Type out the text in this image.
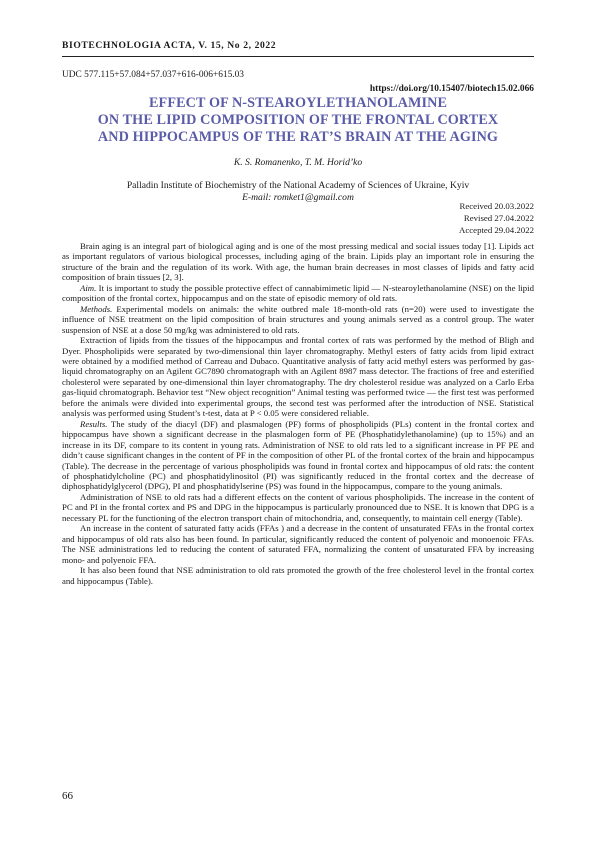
BIOTECHNOLOGIA ACTA, V. 15, No 2, 2022
UDC 577.115+57.084+57.037+616-006+615.03
https://doi.org/10.15407/biotech15.02.066
EFFECT OF N-STEAROYLETHANOLAMINE
ON THE LIPID COMPOSITION OF THE FRONTAL CORTEX
AND HIPPOCAMPUS OF THE RAT’S BRAIN AT THE AGING
K. S. Romanenko, T. M. Horid’ko
Palladin Institute of Biochemistry of the National Academy of Sciences of Ukraine, Kyiv
E-mail: romket1@gmail.com
Received 20.03.2022
Revised 27.04.2022
Accepted 29.04.2022

Brain aging is an integral part of biological aging and is one of the most pressing medical and social issues today [1]. Lipids act as important regulators of various biological processes, including aging of the brain. Lipids play an important role in ensuring the structure of the brain and the regulation of its work. With age, the human brain decreases in most classes of lipids and fatty acid composition of brain tissues [2, 3].

Aim. It is important to study the possible protective effect of cannabimimetic lipid — N-stearoylethanolamine (NSE) on the lipid composition of the frontal cortex, hippocampus and on the state of episodic memory of old rats.

Methods. Experimental models on animals: the white outbred male 18-month-old rats (n=20) were used to investigate the influence of NSE treatment on the lipid composition of brain structures and young animals served as a control group. The water suspension of NSE at a dose 50 mg/kg was administered to old rats.

Extraction of lipids from the tissues of the hippocampus and frontal cortex of rats was performed by the method of Bligh and Dyer. Phospholipids were separated by two-dimensional thin layer chromatography. Methyl esters of fatty acids from lipid extract were obtained by a modified method of Carreau and Dubaco. Quantitative analysis of fatty acid methyl esters was performed by gas-liquid chromatography on an Agilent GC7890 chromatograph with an Agilent 8987 mass detector. The fractions of free and esterified cholesterol were separated by one-dimensional thin layer chromatography. The dry cholesterol residue was analyzed on a Carlo Erba gas-liquid chromatograph. Behavior test “New object recognition” Animal testing was performed twice — the first test was performed before the animals were divided into experimental groups, the second test was performed after the introduction of NSE. Statistical analysis was performed using Student’s t-test, data at P < 0.05 were considered reliable.

Results. The study of the diacyl (DF) and plasmalogen (PF) forms of phospholipids (PLs) content in the frontal cortex and hippocampus have shown a significant decrease in the plasmalogen form of PE (Phosphatidylethanolamine) (up to 15%) and an increase in its DF, compare to its content in young rats. Administration of NSE to old rats led to a significant increase in PF PE and didn’t cause significant changes in the content of PF in the composition of other PL of the frontal cortex of the brain and hippocampus (Table). The decrease in the percentage of various phospholipids was found in frontal cortex and hippocampus of old rats: the content of phosphatidylcholine (PC) and phosphatidylinositol (PI) was significantly reduced in the frontal cortex and the decrease of diphosphatidylglycerol (DPG), PI and phosphatidylserine (PS) was found in the hippocampus, compare to the young animals.

Administration of NSE to old rats had a different effects on the content of various phospholipids. The increase in the content of PC and PI in the frontal cortex and PS and DPG in the hippocampus is particularly pronounced due to NSE. It is known that DPG is a necessary PL for the functioning of the electron transport chain of mitochondria, and, consequently, to maintain cell energy (Table).

An increase in the content of saturated fatty acids (FFAs ) and a decrease in the content of unsaturated FFAs in the frontal cortex and hippocampus of old rats also has been found. In particular, significantly reduced the content of polyenoic and monoenoic FFAs. The NSE administrations led to reducing the content of saturated FFA, normalizing the content of unsaturated FFA by increasing mono- and polyenoic FFA.

It has also been found that NSE administration to old rats promoted the growth of the free cholesterol level in the frontal cortex and hippocampus (Table).

66
